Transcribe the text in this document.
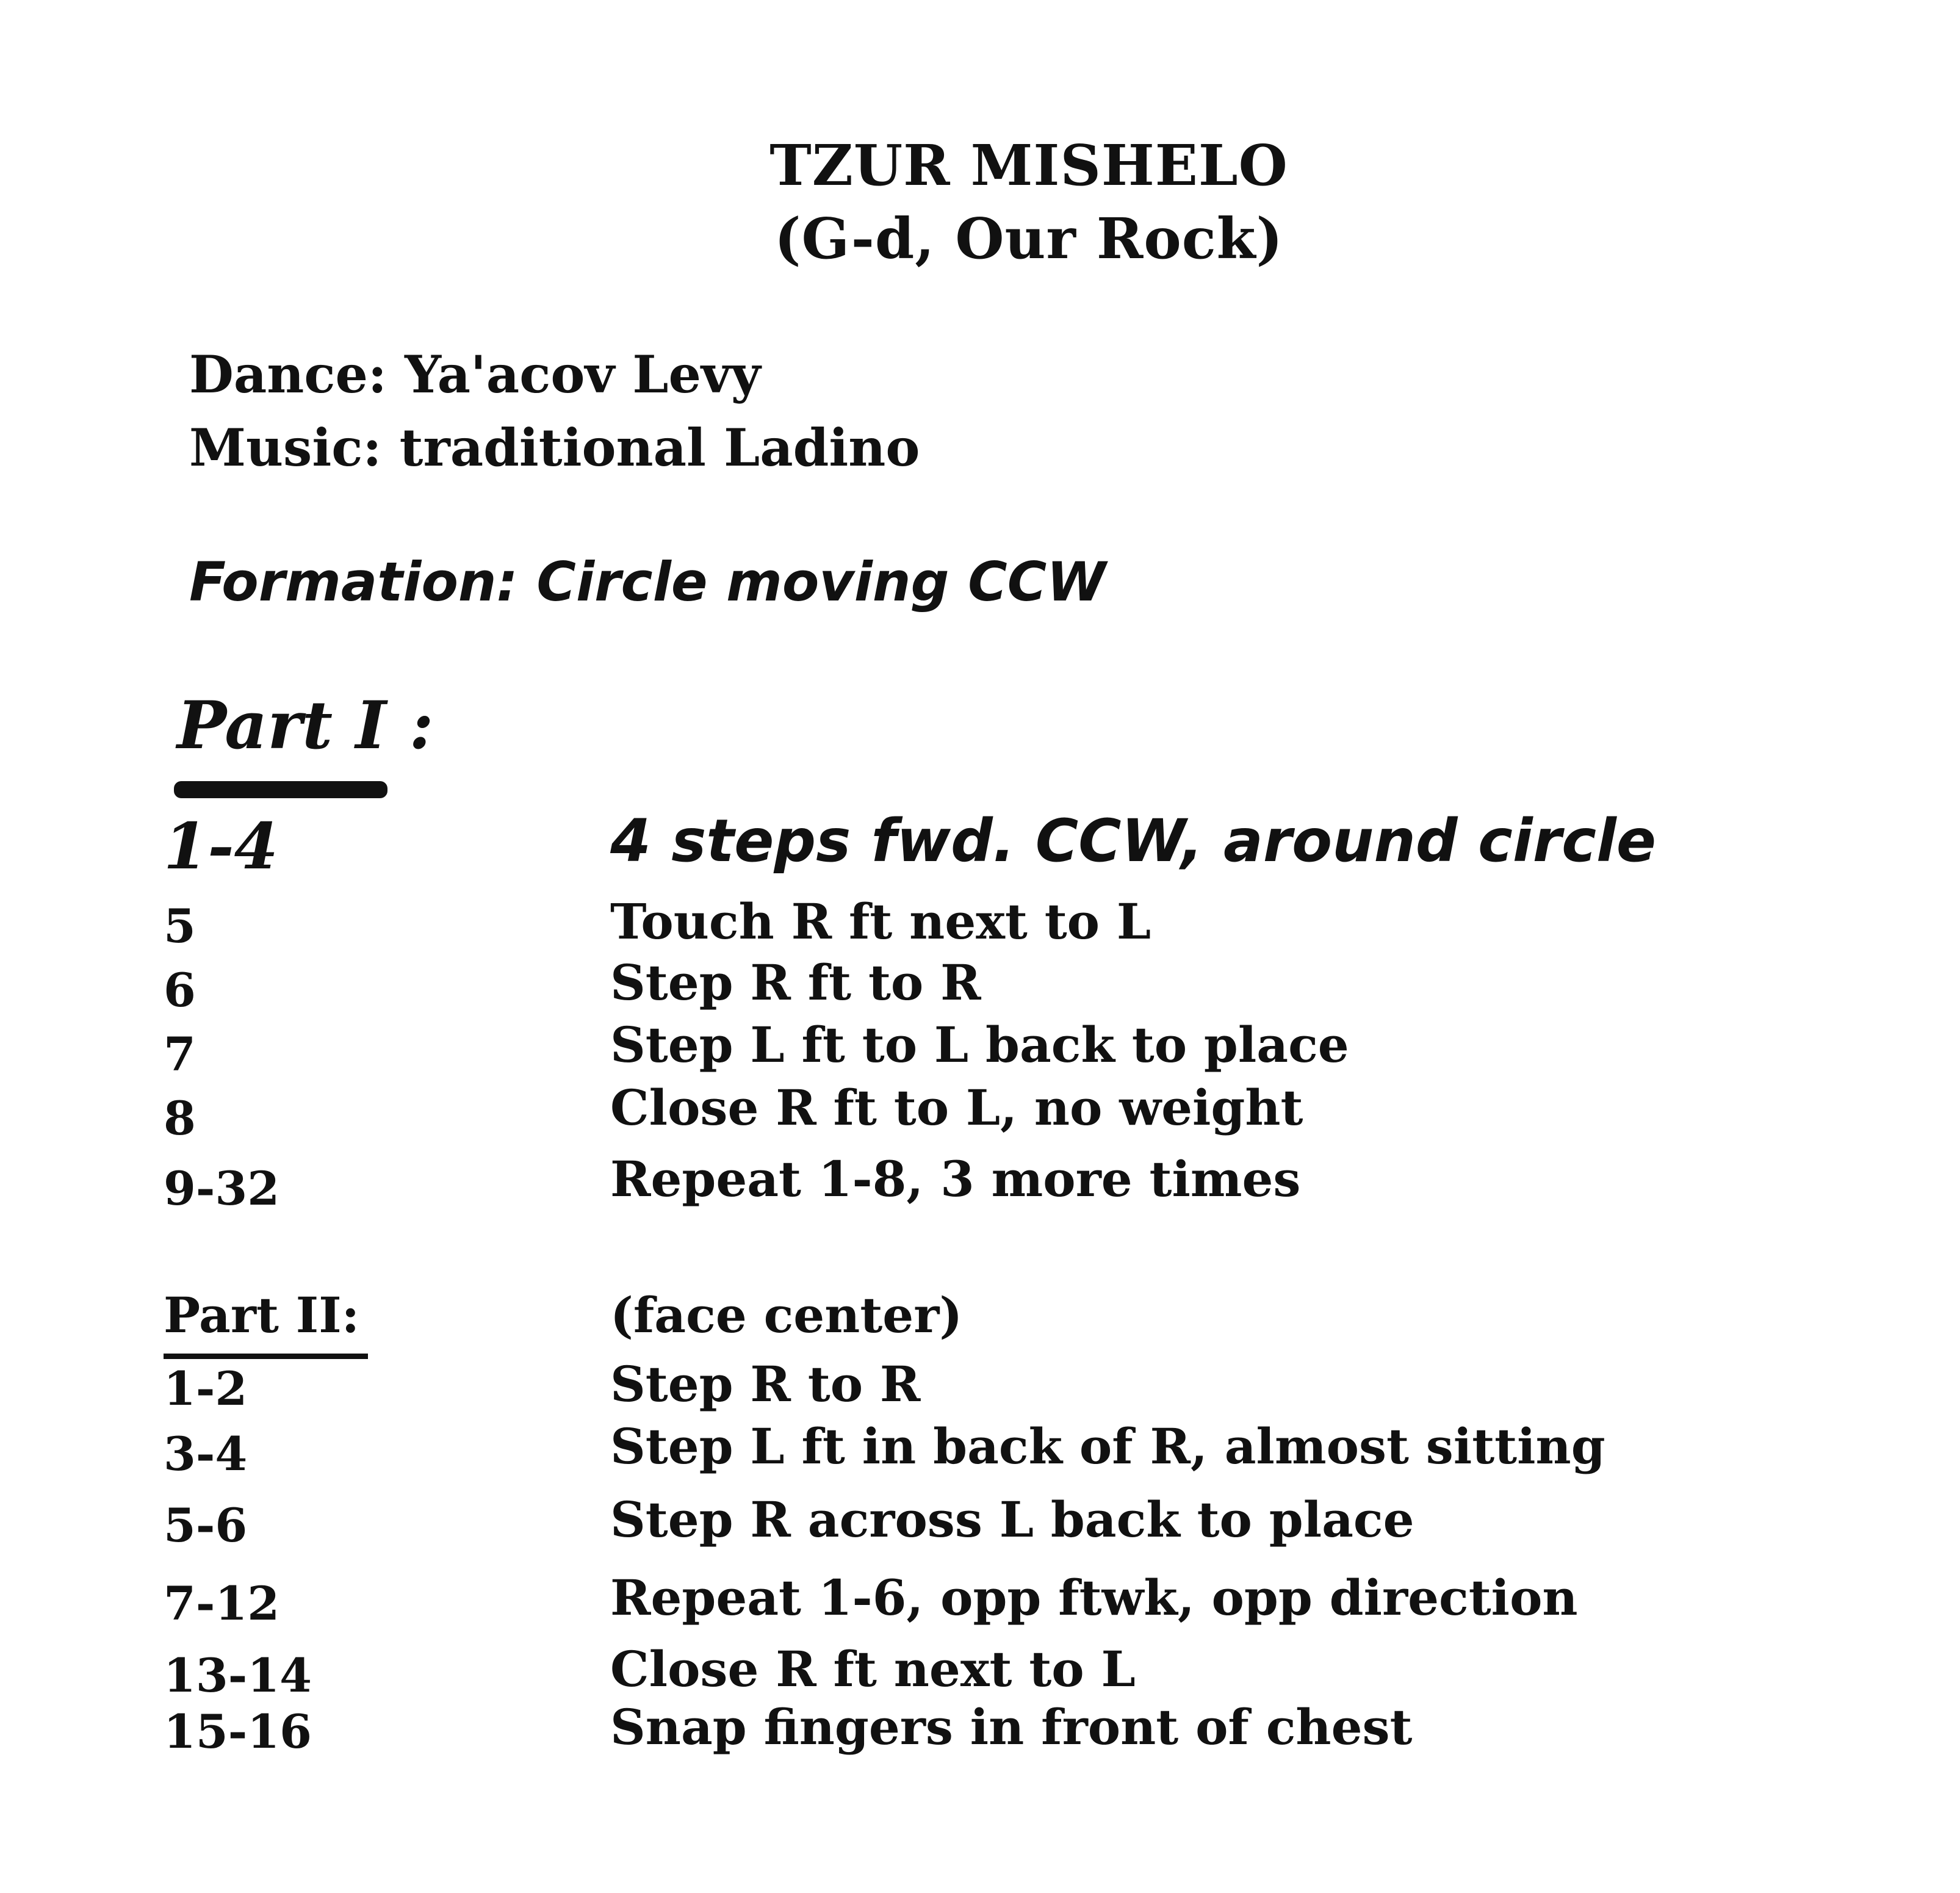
TZUR MISHELO
(G-d, Our Rock)
Dance: Ya'acov Levy
Music: traditional Ladino
Formation: Circle moving CCW
Part I :
1-4	4 steps fwd. CCW, around circle
5	Touch R ft next to L
6	Step R ft to R
7	Step L ft to L back to place
8	Close R ft to L, no weight
9-32	Repeat 1-8, 3 more times
Part II:	(face center)
1-2	Step R to R
3-4	Step L ft in back of R, almost sitting
5-6	Step R across L back to place
7-12	Repeat 1-6, opp ftwk, opp direction
13-14	Close R ft next to L
15-16	Snap fingers in front of chest
